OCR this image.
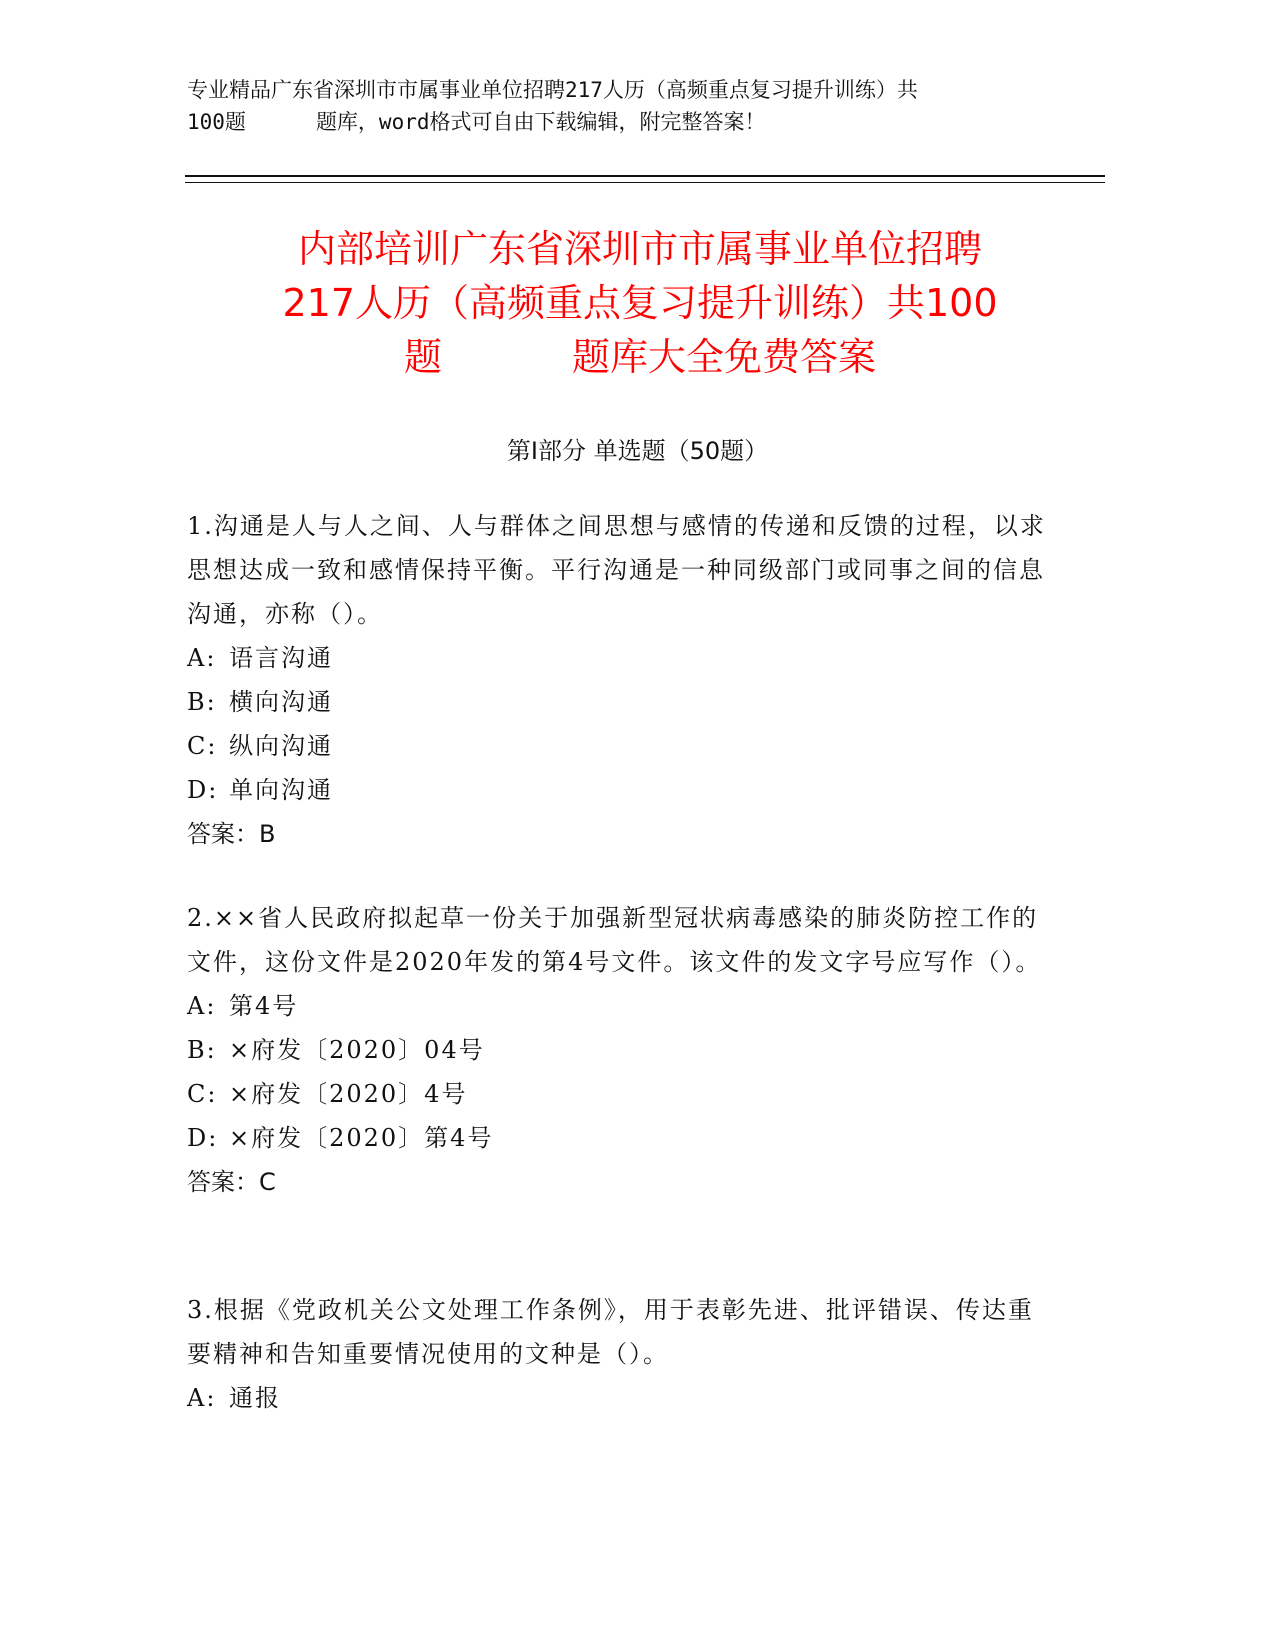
专业精品广东省深圳市市属事业单位招聘217人历（高频重点复习提升训练）共
100题	题库，word格式可自由下载编辑，附完整答案！
内部培训广东省深圳市市属事业单位招聘
217人历（高频重点复习提升训练）共100
题	题库大全免费答案
第Ⅰ部分 单选题（50题）
1.沟通是人与人之间、人与群体之间思想与感情的传递和反馈的过程，以求思想达成一致和感情保持平衡。平行沟通是一种同级部门或同事之间的信息沟通，亦称（）。
A: 语言沟通
B: 横向沟通
C: 纵向沟通
D: 单向沟通
答案：B
2.××省人民政府拟起草一份关于加强新型冠状病毒感染的肺炎防控工作的文件，这份文件是2020年发的第4号文件。该文件的发文字号应写作（）。
A: 第4号
B: ×府发〔2020〕04号
C: ×府发〔2020〕4号
D: ×府发〔2020〕第4号
答案：C
3.根据《党政机关公文处理工作条例》，用于表彰先进、批评错误、传达重要精神和告知重要情况使用的文种是（）。
A: 通报
